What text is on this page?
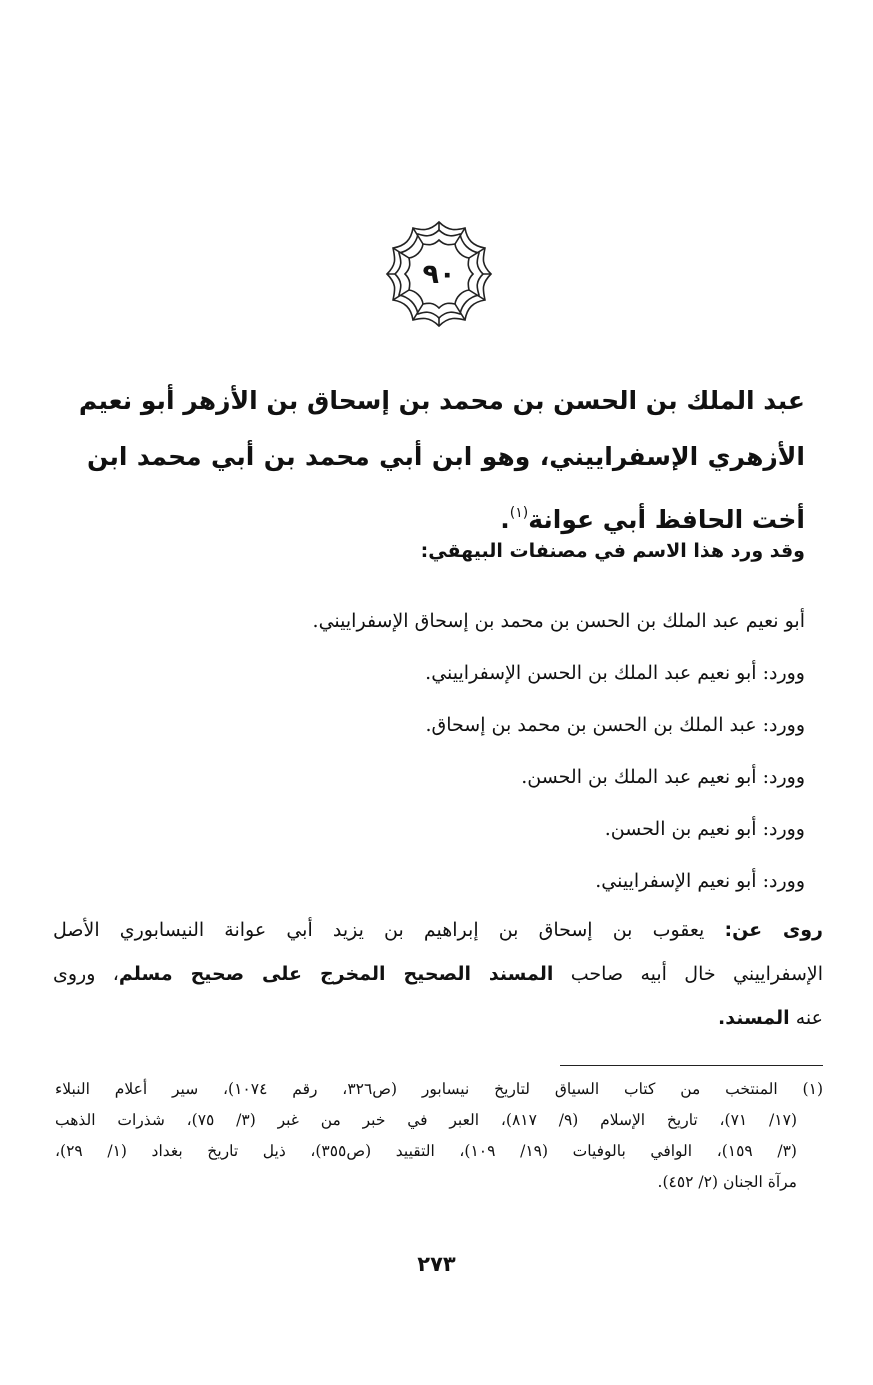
٩٠
عبد الملك بن الحسن بن محمد بن إسحاق بن الأزهر أبو نعيم
الأزهري الإسفراييني، وهو ابن أبي محمد بن أبي محمد ابن
أخت الحافظ أبي عوانة$^{(١)}$.
وقد ورد هذا الاسم في مصنفات البيهقي:
أبو نعيم عبد الملك بن الحسن بن محمد بن إسحاق الإسفراييني.
وورد: أبو نعيم عبد الملك بن الحسن الإسفراييني.
وورد: عبد الملك بن الحسن بن محمد بن إسحاق.
وورد: أبو نعيم عبد الملك بن الحسن.
وورد: أبو نعيم بن الحسن.
وورد: أبو نعيم الإسفراييني.
روى عن: يعقوب بن إسحاق بن إبراهيم بن يزيد أبي عوانة النيسابوري الأصل
الإسفراييني خال أبيه صاحب المسند الصحيح المخرج على صحيح مسلم، وروى
عنه المسند.
(١) المنتخب من كتاب السياق لتاريخ نيسابور (ص٣٢٦، رقم ١٠٧٤)، سير أعلام النبلاء
(١٧/ ٧١)، تاريخ الإسلام (٩/ ٨١٧)، العبر في خبر من غبر (٣/ ٧٥)، شذرات الذهب
(٣/ ١٥٩)، الوافي بالوفيات (١٩/ ١٠٩)، التقييد (ص٣٥٥)، ذيل تاريخ بغداد (١/ ٢٩)،
مرآة الجنان (٢/ ٤٥٢).
٢٧٣
